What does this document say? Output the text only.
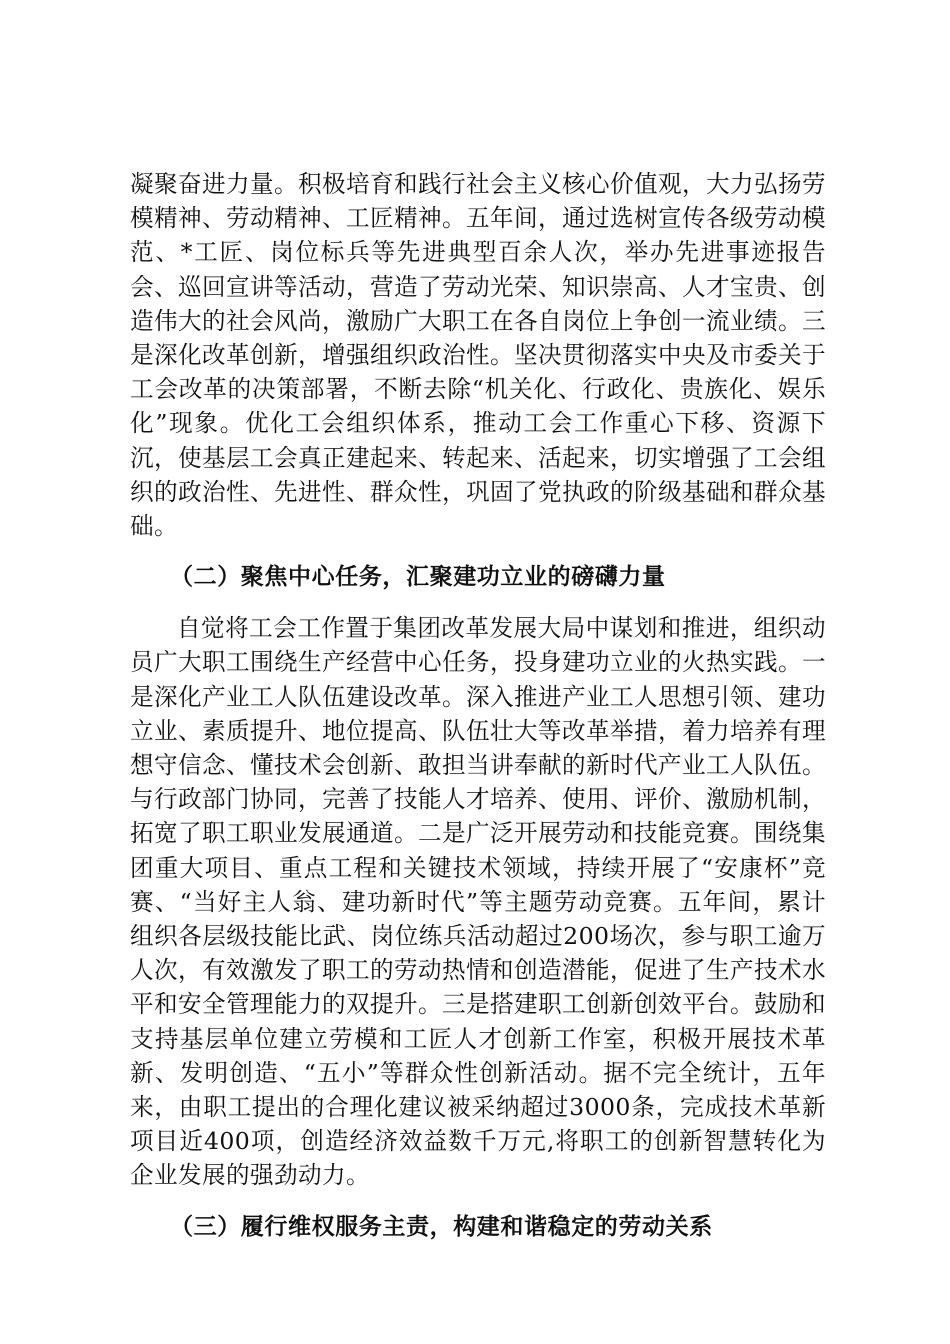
凝聚奋进力量。积极培育和践行社会主义核心价值观，大力弘扬劳模精神、劳动精神、工匠精神。五年间，通过选树宣传各级劳动模范、*工匠、岗位标兵等先进典型百余人次，举办先进事迹报告会、巡回宣讲等活动，营造了劳动光荣、知识崇高、人才宝贵、创造伟大的社会风尚，激励广大职工在各自岗位上争创一流业绩。三是深化改革创新，增强组织政治性。坚决贯彻落实中央及市委关于工会改革的决策部署，不断去除“机关化、行政化、贵族化、娱乐化”现象。优化工会组织体系，推动工会工作重心下移、资源下沉，使基层工会真正建起来、转起来、活起来，切实增强了工会组织的政治性、先进性、群众性，巩固了党执政的阶级基础和群众基础。

（二）聚焦中心任务，汇聚建功立业的磅礴力量

自觉将工会工作置于集团改革发展大局中谋划和推进，组织动员广大职工围绕生产经营中心任务，投身建功立业的火热实践。一是深化产业工人队伍建设改革。深入推进产业工人思想引领、建功立业、素质提升、地位提高、队伍壮大等改革举措，着力培养有理想守信念、懂技术会创新、敢担当讲奉献的新时代产业工人队伍。与行政部门协同，完善了技能人才培养、使用、评价、激励机制，拓宽了职工职业发展通道。二是广泛开展劳动和技能竞赛。围绕集团重大项目、重点工程和关键技术领域，持续开展了“安康杯”竞赛、“当好主人翁、建功新时代”等主题劳动竞赛。五年间，累计组织各层级技能比武、岗位练兵活动超过200场次，参与职工逾万人次，有效激发了职工的劳动热情和创造潜能，促进了生产技术水平和安全管理能力的双提升。三是搭建职工创新创效平台。鼓励和支持基层单位建立劳模和工匠人才创新工作室，积极开展技术革新、发明创造、“五小”等群众性创新活动。据不完全统计，五年来，由职工提出的合理化建议被采纳超过3000条，完成技术革新项目近400项，创造经济效益数千万元,将职工的创新智慧转化为企业发展的强劲动力。

（三）履行维权服务主责，构建和谐稳定的劳动关系
